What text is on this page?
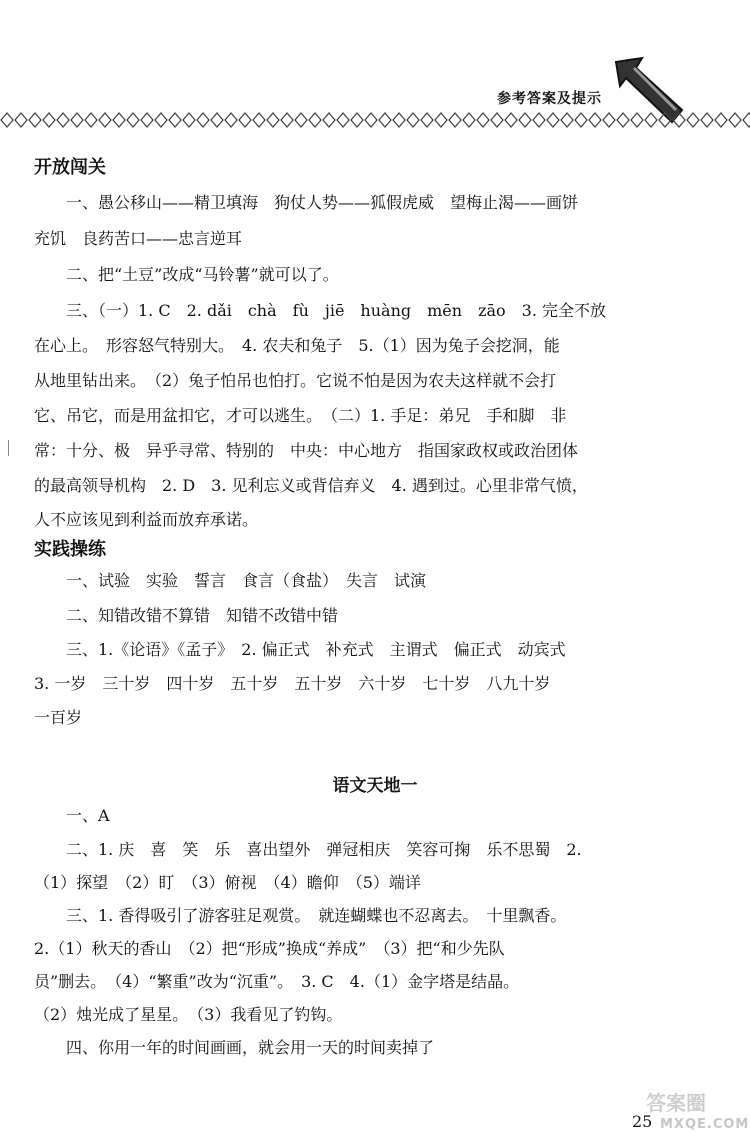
参考答案及提示
开放闯关
一、愚公移山——精卫填海　狗仗人势——狐假虎威　望梅止渴——画饼
充饥　良药苦口——忠言逆耳
二、把“土豆”改成“马铃薯”就可以了。
三、（一）1. C　2. dǎi　chà　fù　jiē　huàng　mēn　zāo　3. 完全不放
在心上。　形容怒气特别大。　4. 农夫和兔子　5.（1）因为兔子会挖洞，能
从地里钻出来。　（2）兔子怕吊也怕打。它说不怕是因为农夫这样就不会打
它、吊它，而是用盆扣它，才可以逃生。　（二）1. 手足：弟兄　手和脚　非
常：十分、极　异乎寻常、特别的　中央：中心地方　指国家政权或政治团体
的最高领导机构　2. D　3. 见利忘义或背信弃义　4. 遇到过。心里非常气愤，
人不应该见到利益而放弃承诺。
实践操练
一、试验　实验　誓言　食言（食盐）　失言　试演
二、知错改错不算错　知错不改错中错
三、1.《论语》《孟子》　2. 偏正式　补充式　主谓式　偏正式　动宾式
3. 一岁　三十岁　四十岁　五十岁　五十岁　六十岁　七十岁　八九十岁
一百岁
语文天地一
一、A
二、1. 庆　喜　笑　乐　喜出望外　弹冠相庆　笑容可掬　乐不思蜀　2.
（1）探望　（2）盯　（3）俯视　（4）瞻仰　（5）端详
三、1. 香得吸引了游客驻足观赏。　就连蝴蝶也不忍离去。　十里飘香。
2.（1）秋天的香山　（2）把“形成”换成“养成”　（3）把“和少先队
员”删去。　（4）“繁重”改为“沉重”。　3. C　4.（1）金字塔是结晶。
（2）烛光成了星星。　（3）我看见了钓钩。
四、你用一年的时间画画，就会用一天的时间卖掉了
答案圈
MXQE.COM
25
